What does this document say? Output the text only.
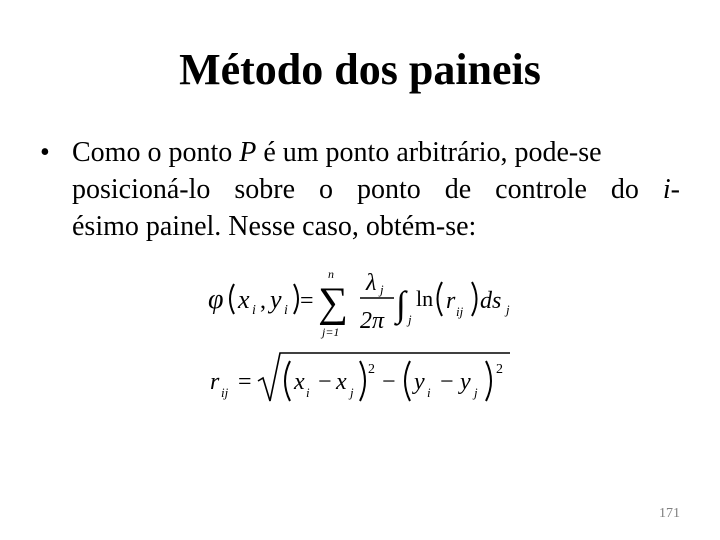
Método dos paineis
• Como o ponto P é um ponto arbitrário, pode-se
posicioná-lo sobre o ponto de controle do i-
ésimo painel. Nesse caso, obtém-se:
φ x i , y i =
n
∑
j=1
λ j
2π ∫ j
ln r ij ds j
r ij = x i − x j
2 − y i − y j
2
171
